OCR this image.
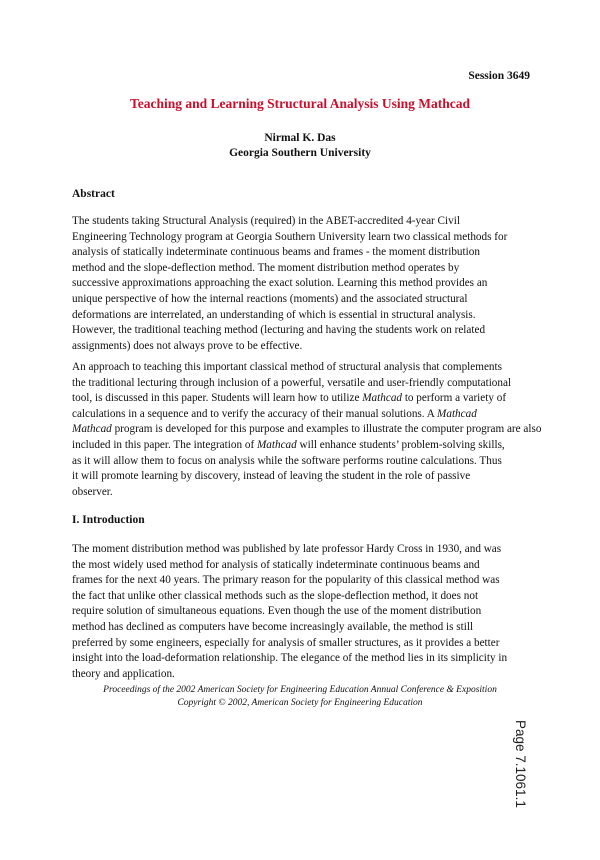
Session 3649
Teaching and Learning Structural Analysis Using Mathcad
Nirmal K. Das
Georgia Southern University
Abstract

The students taking Structural Analysis (required) in the ABET-accredited 4-year Civil
Engineering Technology program at Georgia Southern University learn two classical methods for
analysis of statically indeterminate continuous beams and frames - the moment distribution
method and the slope-deflection method. The moment distribution method operates by
successive approximations approaching the exact solution. Learning this method provides an
unique perspective of how the internal reactions (moments) and the associated structural
deformations are interrelated, an understanding of which is essential in structural analysis.
However, the traditional teaching method (lecturing and having the students work on related
assignments) does not always prove to be effective.

An approach to teaching this important classical method of structural analysis that complements
the traditional lecturing through inclusion of a powerful, versatile and user-friendly computational
tool, is discussed in this paper. Students will learn how to utilize Mathcad to perform a variety of
calculations in a sequence and to verify the accuracy of their manual solutions. A Mathcad
Mathcad program is developed for this purpose and examples to illustrate the computer program are also
included in this paper. The integration of Mathcad will enhance students’ problem-solving skills,
as it will allow them to focus on analysis while the software performs routine calculations. Thus
it will promote learning by discovery, instead of leaving the student in the role of passive
observer.

I. Introduction

The moment distribution method was published by late professor Hardy Cross in 1930, and was
the most widely used method for analysis of statically indeterminate continuous beams and
frames for the next 40 years. The primary reason for the popularity of this classical method was
the fact that unlike other classical methods such as the slope-deflection method, it does not
require solution of simultaneous equations. Even though the use of the moment distribution
method has declined as computers have become increasingly available, the method is still
preferred by some engineers, especially for analysis of smaller structures, as it provides a better
insight into the load-deformation relationship. The elegance of the method lies in its simplicity in
theory and application.

Proceedings of the 2002 American Society for Engineering Education Annual Conference & Exposition
Copyright © 2002, American Society for Engineering Education
Page 7.1061.1
